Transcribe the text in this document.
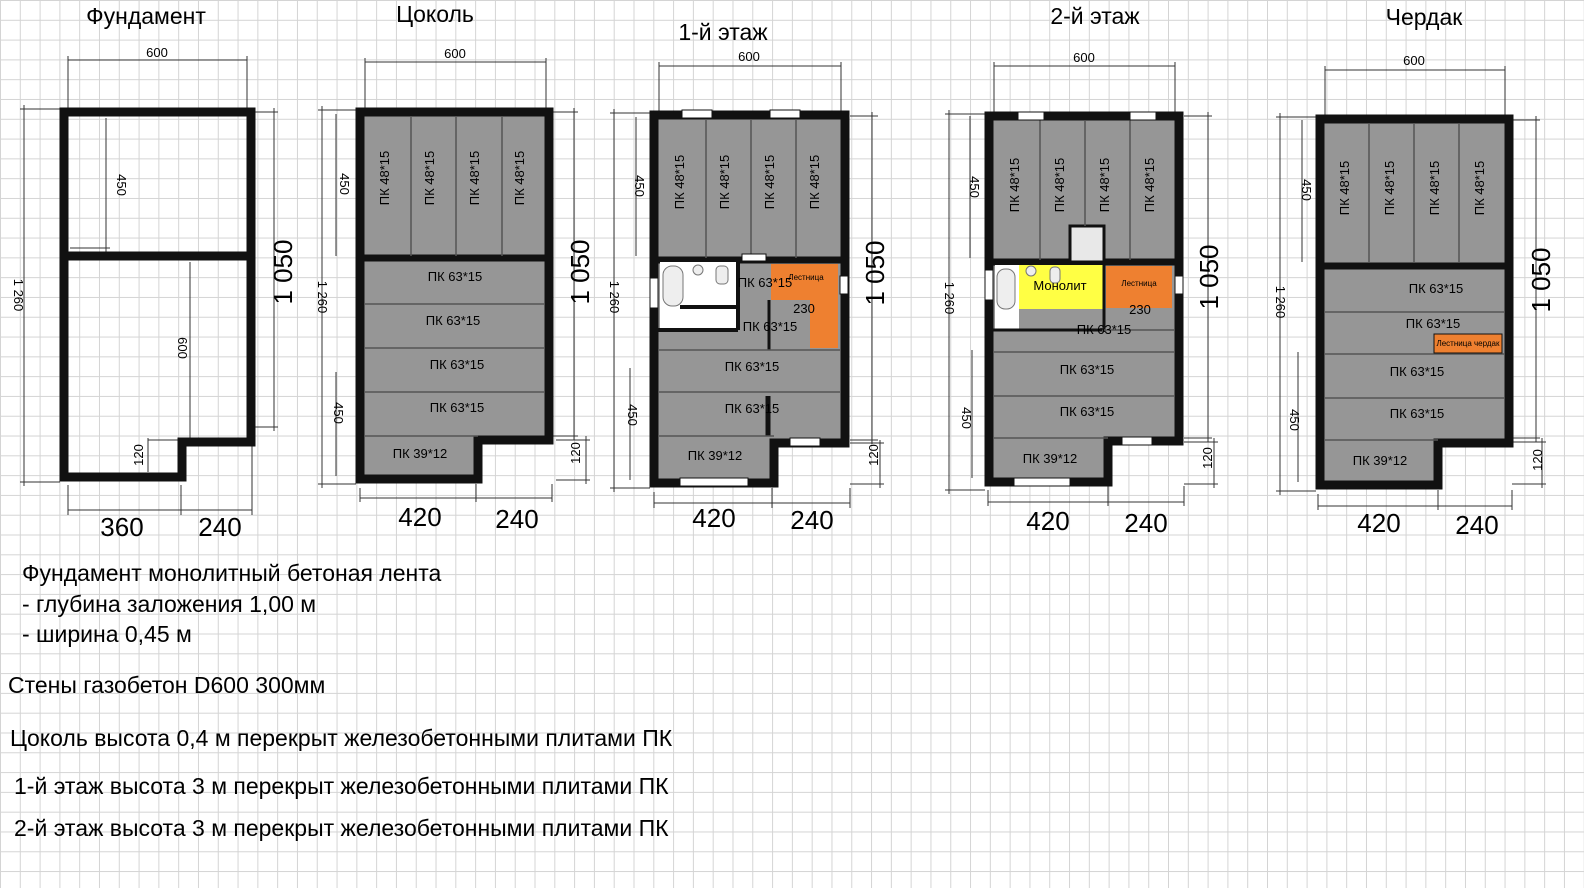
Фундамент
600
1 260
450
600
120
1 050
360 240
Цоколь
600
1 260
450
450
120
1 050
420 240
ПК 48*15 ПК 48*15 ПК 48*15 ПК 48*15
ПК 63*15
ПК 63*15
ПК 63*15
ПК 63*15
ПК 39*12
1-й этаж
600
1 260
450
450
120
1 050
420 240
ПК 48*15 ПК 48*15 ПК 48*15 ПК 48*15
ПК 63*15
ПК 63*15
ПК 63*15
ПК 63*15
ПК 39*12
Лестница
230
2-й этаж
600
1 260
450
450
120
1 050
420 240
ПК 48*15 ПК 48*15 ПК 48*15 ПК 48*15
Монолит	Лестница
230
ПК 63*15
ПК 63*15
ПК 63*15
ПК 39*12
Чердак
600
1 260
450
450
120
1 050
420 240
ПК 48*15 ПК 48*15 ПК 48*15 ПК 48*15
ПК 63*15
ПК 63*15
ПК 63*15
ПК 63*15
ПК 39*12
Лестница чердак
Фундамент монолитный бетоная лента
- глубина заложения 1,00 м
- ширина 0,45 м
Стены газобетон D600 300мм
Цоколь высота 0,4 м перекрыт железобетонными плитами ПК
1-й этаж высота 3 м перекрыт железобетонными плитами ПК
2-й этаж высота 3 м перекрыт железобетонными плитами ПК
